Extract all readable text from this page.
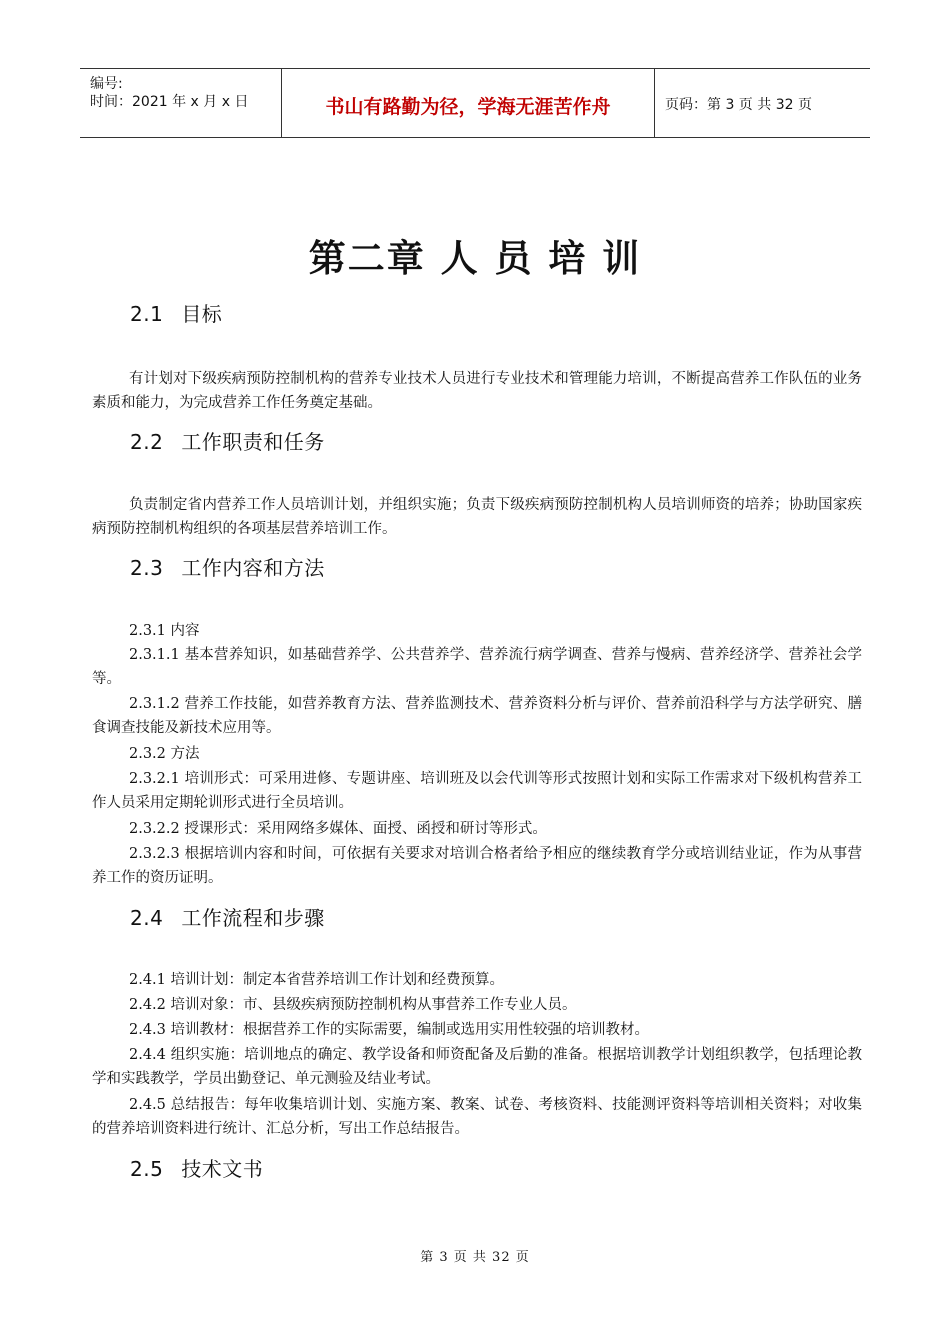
编号:
时间：2021 年 x 月 x 日	书山有路勤为径，学海无涯苦作舟	页码：第 3 页 共 32 页
第二章 人 员 培 训
2.1 目标

有计划对下级疾病预防控制机构的营养专业技术人员进行专业技术和管理能力培训，不断提高营养工作队伍的业务素质和能力，为完成营养工作任务奠定基础。

2.2 工作职责和任务

负责制定省内营养工作人员培训计划，并组织实施；负责下级疾病预防控制机构人员培训师资的培养；协助国家疾病预防控制机构组织的各项基层营养培训工作。

2.3 工作内容和方法

2.3.1 内容

2.3.1.1 基本营养知识，如基础营养学、公共营养学、营养流行病学调查、营养与慢病、营养经济学、营养社会学等。

2.3.1.2 营养工作技能，如营养教育方法、营养监测技术、营养资料分析与评价、营养前沿科学与方法学研究、膳食调查技能及新技术应用等。

2.3.2 方法

2.3.2.1 培训形式：可采用进修、专题讲座、培训班及以会代训等形式按照计划和实际工作需求对下级机构营养工作人员采用定期轮训形式进行全员培训。

2.3.2.2 授课形式：采用网络多媒体、面授、函授和研讨等形式。

2.3.2.3 根据培训内容和时间，可依据有关要求对培训合格者给予相应的继续教育学分或培训结业证，作为从事营养工作的资历证明。

2.4 工作流程和步骤

2.4.1 培训计划：制定本省营养培训工作计划和经费预算。

2.4.2 培训对象：市、县级疾病预防控制机构从事营养工作专业人员。

2.4.3 培训教材：根据营养工作的实际需要，编制或选用实用性较强的培训教材。

2.4.4 组织实施：培训地点的确定、教学设备和师资配备及后勤的准备。根据培训教学计划组织教学，包括理论教学和实践教学，学员出勤登记、单元测验及结业考试。

2.4.5 总结报告：每年收集培训计划、实施方案、教案、试卷、考核资料、技能测评资料等培训相关资料；对收集的营养培训资料进行统计、汇总分析，写出工作总结报告。

2.5 技术文书
第 3 页 共 32 页
